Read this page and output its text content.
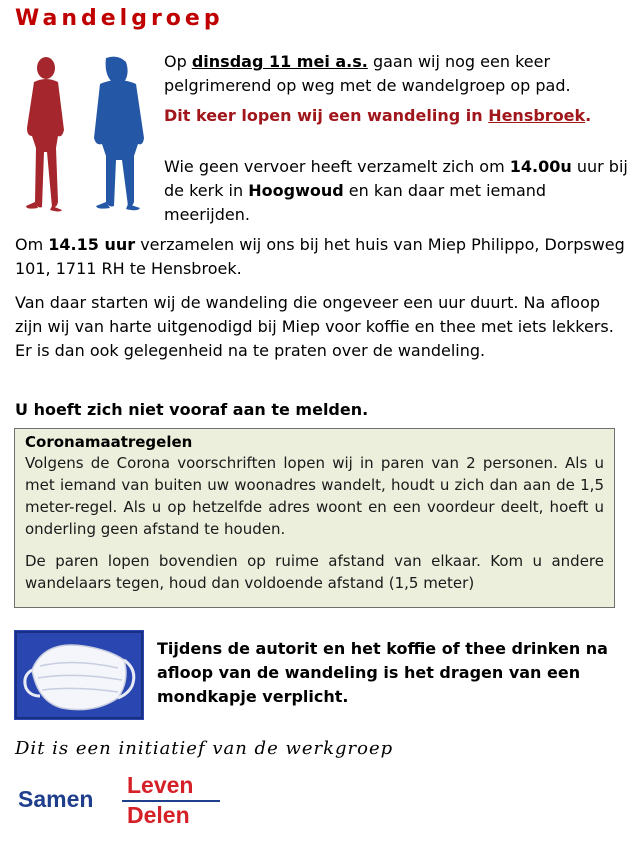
Wandelgroep

Op dinsdag 11 mei a.s. gaan wij nog een keer pelgrimerend op weg met de wandelgroep op pad.

Dit keer lopen wij een wandeling in Hensbroek.

Wie geen vervoer heeft verzamelt zich om 14.00u uur bij de kerk in Hoogwoud en kan daar met iemand meerijden.

Om 14.15 uur verzamelen wij ons bij het huis van Miep Philippo, Dorpsweg 101, 1711 RH te Hensbroek.

Van daar starten wij de wandeling die ongeveer een uur duurt. Na afloop zijn wij van harte uitgenodigd bij Miep voor koffie en thee met iets lekkers. Er is dan ook gelegenheid na te praten over de wandeling.

U hoeft zich niet vooraf aan te melden.

Coronamaatregelen

Volgens de Corona voorschriften lopen wij in paren van 2 personen. Als u met iemand van buiten uw woonadres wandelt, houdt u zich dan aan de 1,5 meter-regel. Als u op hetzelfde adres woont en een voordeur deelt, hoeft u onderling geen afstand te houden.

De paren lopen bovendien op ruime afstand van elkaar. Kom u andere wandelaars tegen, houd dan voldoende afstand (1,5 meter)

Tijdens de autorit en het koffie of thee drinken na afloop van de wandeling is het dragen van een mondkapje verplicht.

Dit is een initiatief van de werkgroep

Samen
Leven
Delen
